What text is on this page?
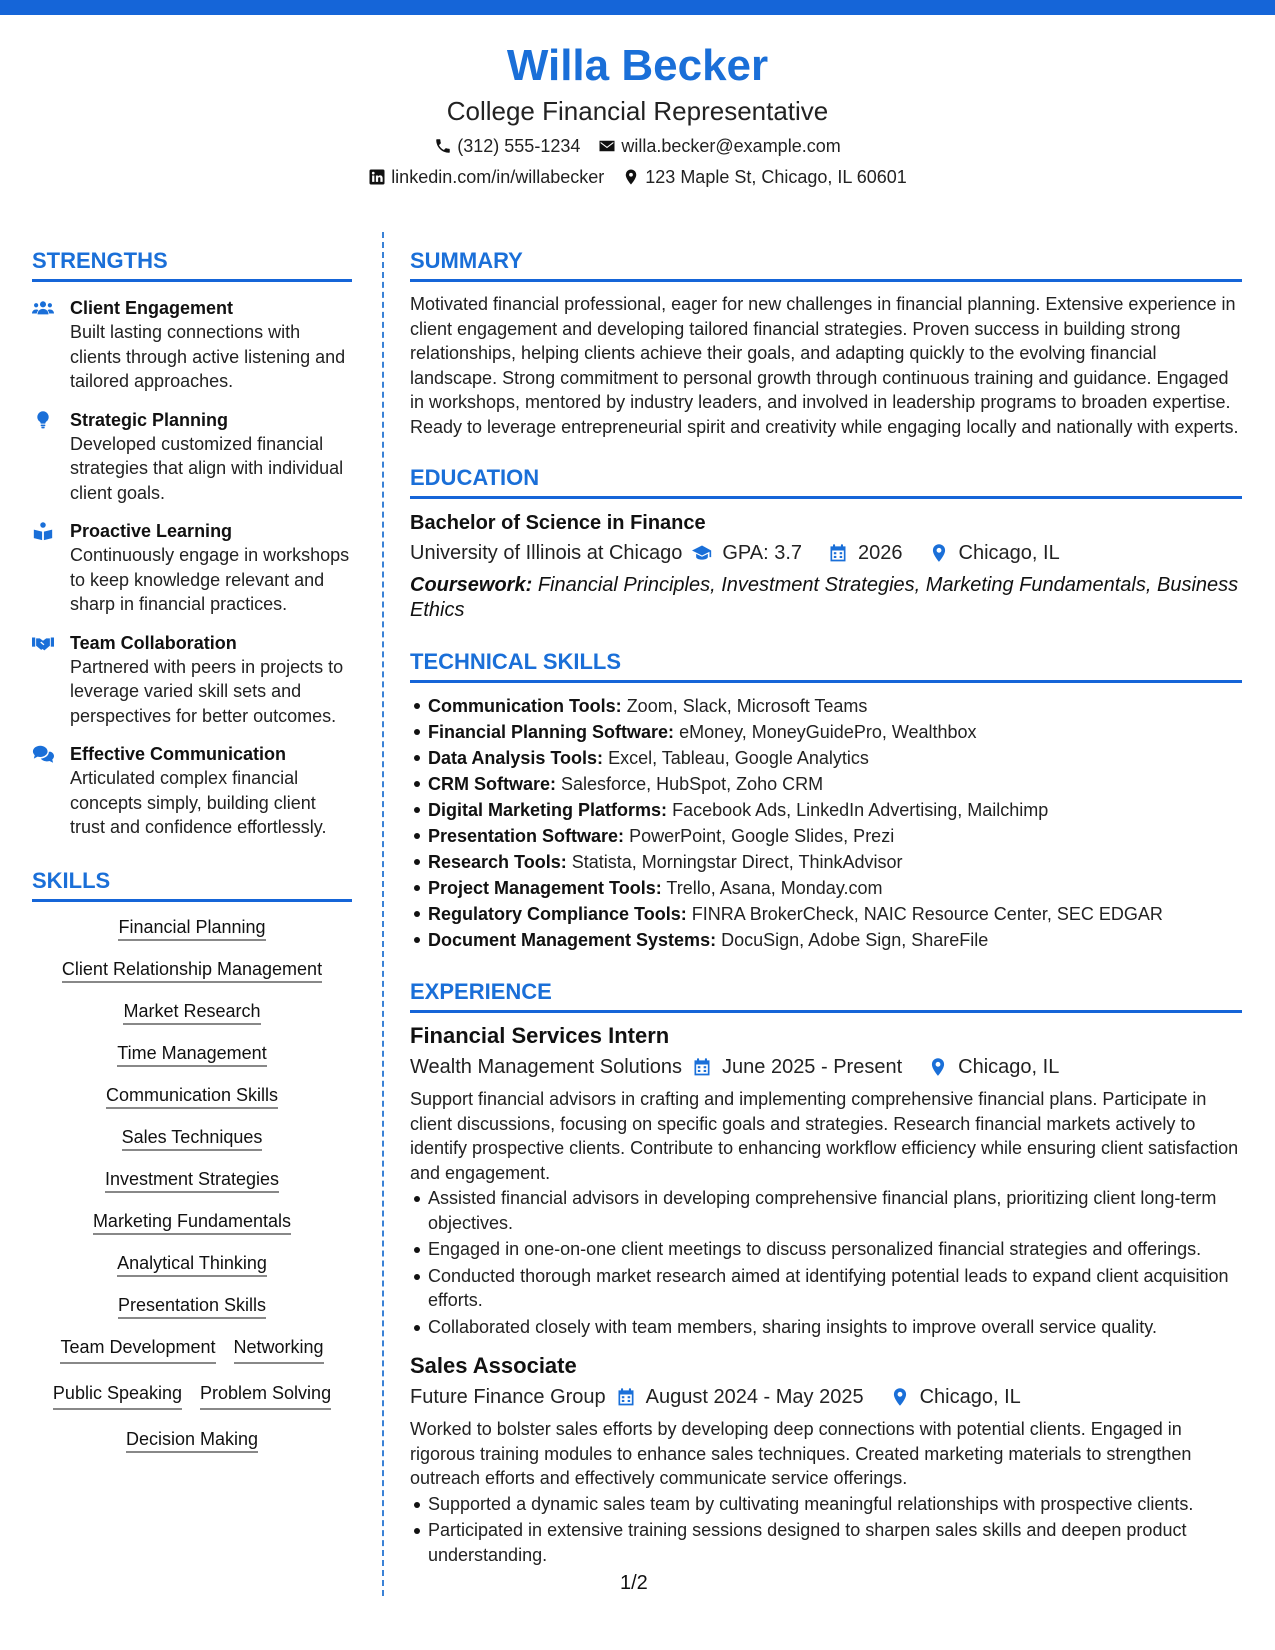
Willa Becker
College Financial Representative
(312) 555-1234 willa.becker@example.com
linkedin.com/in/willabecker 123 Maple St, Chicago, IL 60601
STRENGTHS
Client Engagement
Built lasting connections with clients through active listening and tailored approaches.
Strategic Planning
Developed customized financial strategies that align with individual client goals.
Proactive Learning
Continuously engage in workshops to keep knowledge relevant and sharp in financial practices.
Team Collaboration
Partnered with peers in projects to leverage varied skill sets and perspectives for better outcomes.
Effective Communication
Articulated complex financial concepts simply, building client trust and confidence effortlessly.
SKILLS
Financial Planning
Client Relationship Management
Market Research
Time Management
Communication Skills
Sales Techniques
Investment Strategies
Marketing Fundamentals
Analytical Thinking
Presentation Skills
Team Development Networking
Public Speaking Problem Solving
Decision Making
SUMMARY

Motivated financial professional, eager for new challenges in financial planning. Extensive experience in client engagement and developing tailored financial strategies. Proven success in building strong relationships, helping clients achieve their goals, and adapting quickly to the evolving financial landscape. Strong commitment to personal growth through continuous training and guidance. Engaged in workshops, mentored by industry leaders, and involved in leadership programs to broaden expertise. Ready to leverage entrepreneurial spirit and creativity while engaging locally and nationally with experts.

EDUCATION
Bachelor of Science in Finance
University of Illinois at Chicago GPA: 3.7	2026	Chicago, IL
Coursework: Financial Principles, Investment Strategies, Marketing Fundamentals, Business Ethics
TECHNICAL SKILLS
Communication Tools: Zoom, Slack, Microsoft Teams
Financial Planning Software: eMoney, MoneyGuidePro, Wealthbox
Data Analysis Tools: Excel, Tableau, Google Analytics
CRM Software: Salesforce, HubSpot, Zoho CRM
Digital Marketing Platforms: Facebook Ads, LinkedIn Advertising, Mailchimp
Presentation Software: PowerPoint, Google Slides, Prezi
Research Tools: Statista, Morningstar Direct, ThinkAdvisor
Project Management Tools: Trello, Asana, Monday.com
Regulatory Compliance Tools: FINRA BrokerCheck, NAIC Resource Center, SEC EDGAR
Document Management Systems: DocuSign, Adobe Sign, ShareFile
EXPERIENCE
Financial Services Intern
Wealth Management Solutions June 2025 - Present	Chicago, IL

Support financial advisors in crafting and implementing comprehensive financial plans. Participate in client discussions, focusing on specific goals and strategies. Research financial markets actively to identify prospective clients. Contribute to enhancing workflow efficiency while ensuring client satisfaction and engagement.

Assisted financial advisors in developing comprehensive financial plans, prioritizing client long-term objectives.
Engaged in one-on-one client meetings to discuss personalized financial strategies and offerings.
Conducted thorough market research aimed at identifying potential leads to expand client acquisition efforts.
Collaborated closely with team members, sharing insights to improve overall service quality.
Sales Associate
Future Finance Group August 2024 - May 2025	Chicago, IL

Worked to bolster sales efforts by developing deep connections with potential clients. Engaged in rigorous training modules to enhance sales techniques. Created marketing materials to strengthen outreach efforts and effectively communicate service offerings.

Supported a dynamic sales team by cultivating meaningful relationships with prospective clients.
Participated in extensive training sessions designed to sharpen sales skills and deepen product understanding.
1/2
